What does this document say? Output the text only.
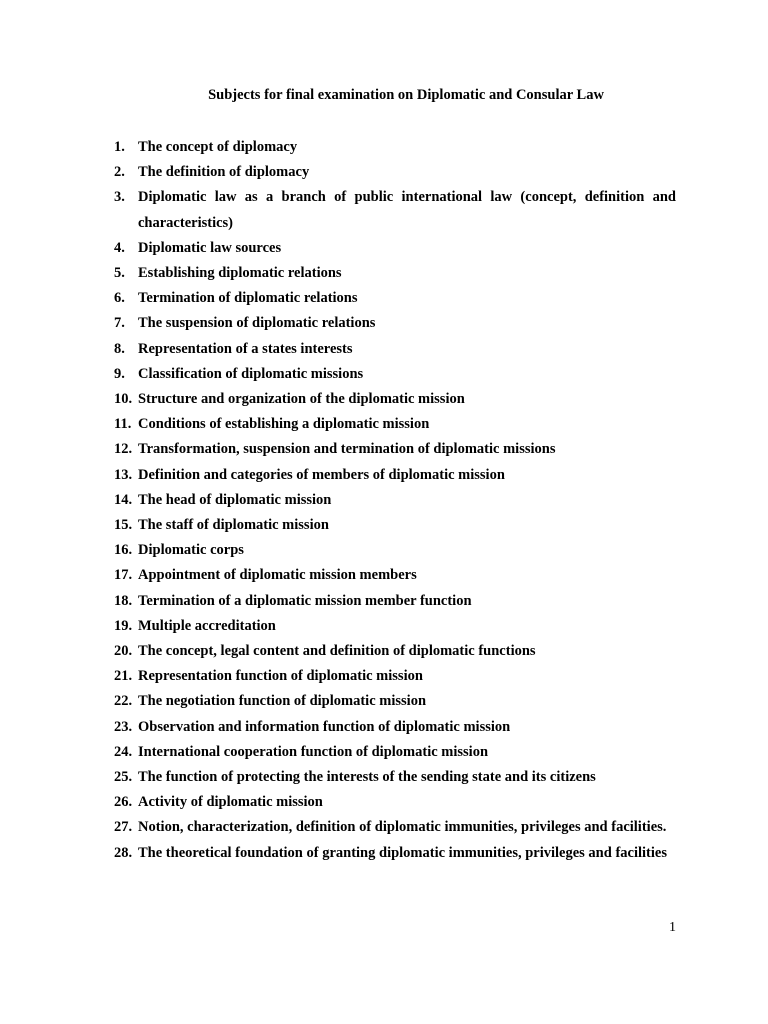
Subjects for final examination on Diplomatic and Consular Law
1. The concept of diplomacy
2. The definition of diplomacy
3. Diplomatic law as a branch of public international law (concept, definition and characteristics)
4. Diplomatic law sources
5. Establishing diplomatic relations
6. Termination of diplomatic relations
7. The suspension of diplomatic relations
8. Representation of a states interests
9. Classification of diplomatic missions
10. Structure and organization of the diplomatic mission
11. Conditions of establishing a diplomatic mission
12. Transformation, suspension and termination of diplomatic missions
13. Definition and categories of members of diplomatic mission
14. The head of diplomatic mission
15. The staff of diplomatic mission
16. Diplomatic corps
17. Appointment of diplomatic mission members
18. Termination of a diplomatic mission member function
19. Multiple accreditation
20. The concept, legal content and definition of diplomatic functions
21. Representation function of diplomatic mission
22. The negotiation function of diplomatic mission
23. Observation and information function of diplomatic mission
24. International cooperation function of diplomatic mission
25. The function of protecting the interests of the sending state and its citizens
26. Activity of diplomatic mission
27. Notion, characterization, definition of diplomatic immunities, privileges and facilities.
28. The theoretical foundation of granting diplomatic immunities, privileges and facilities
1
